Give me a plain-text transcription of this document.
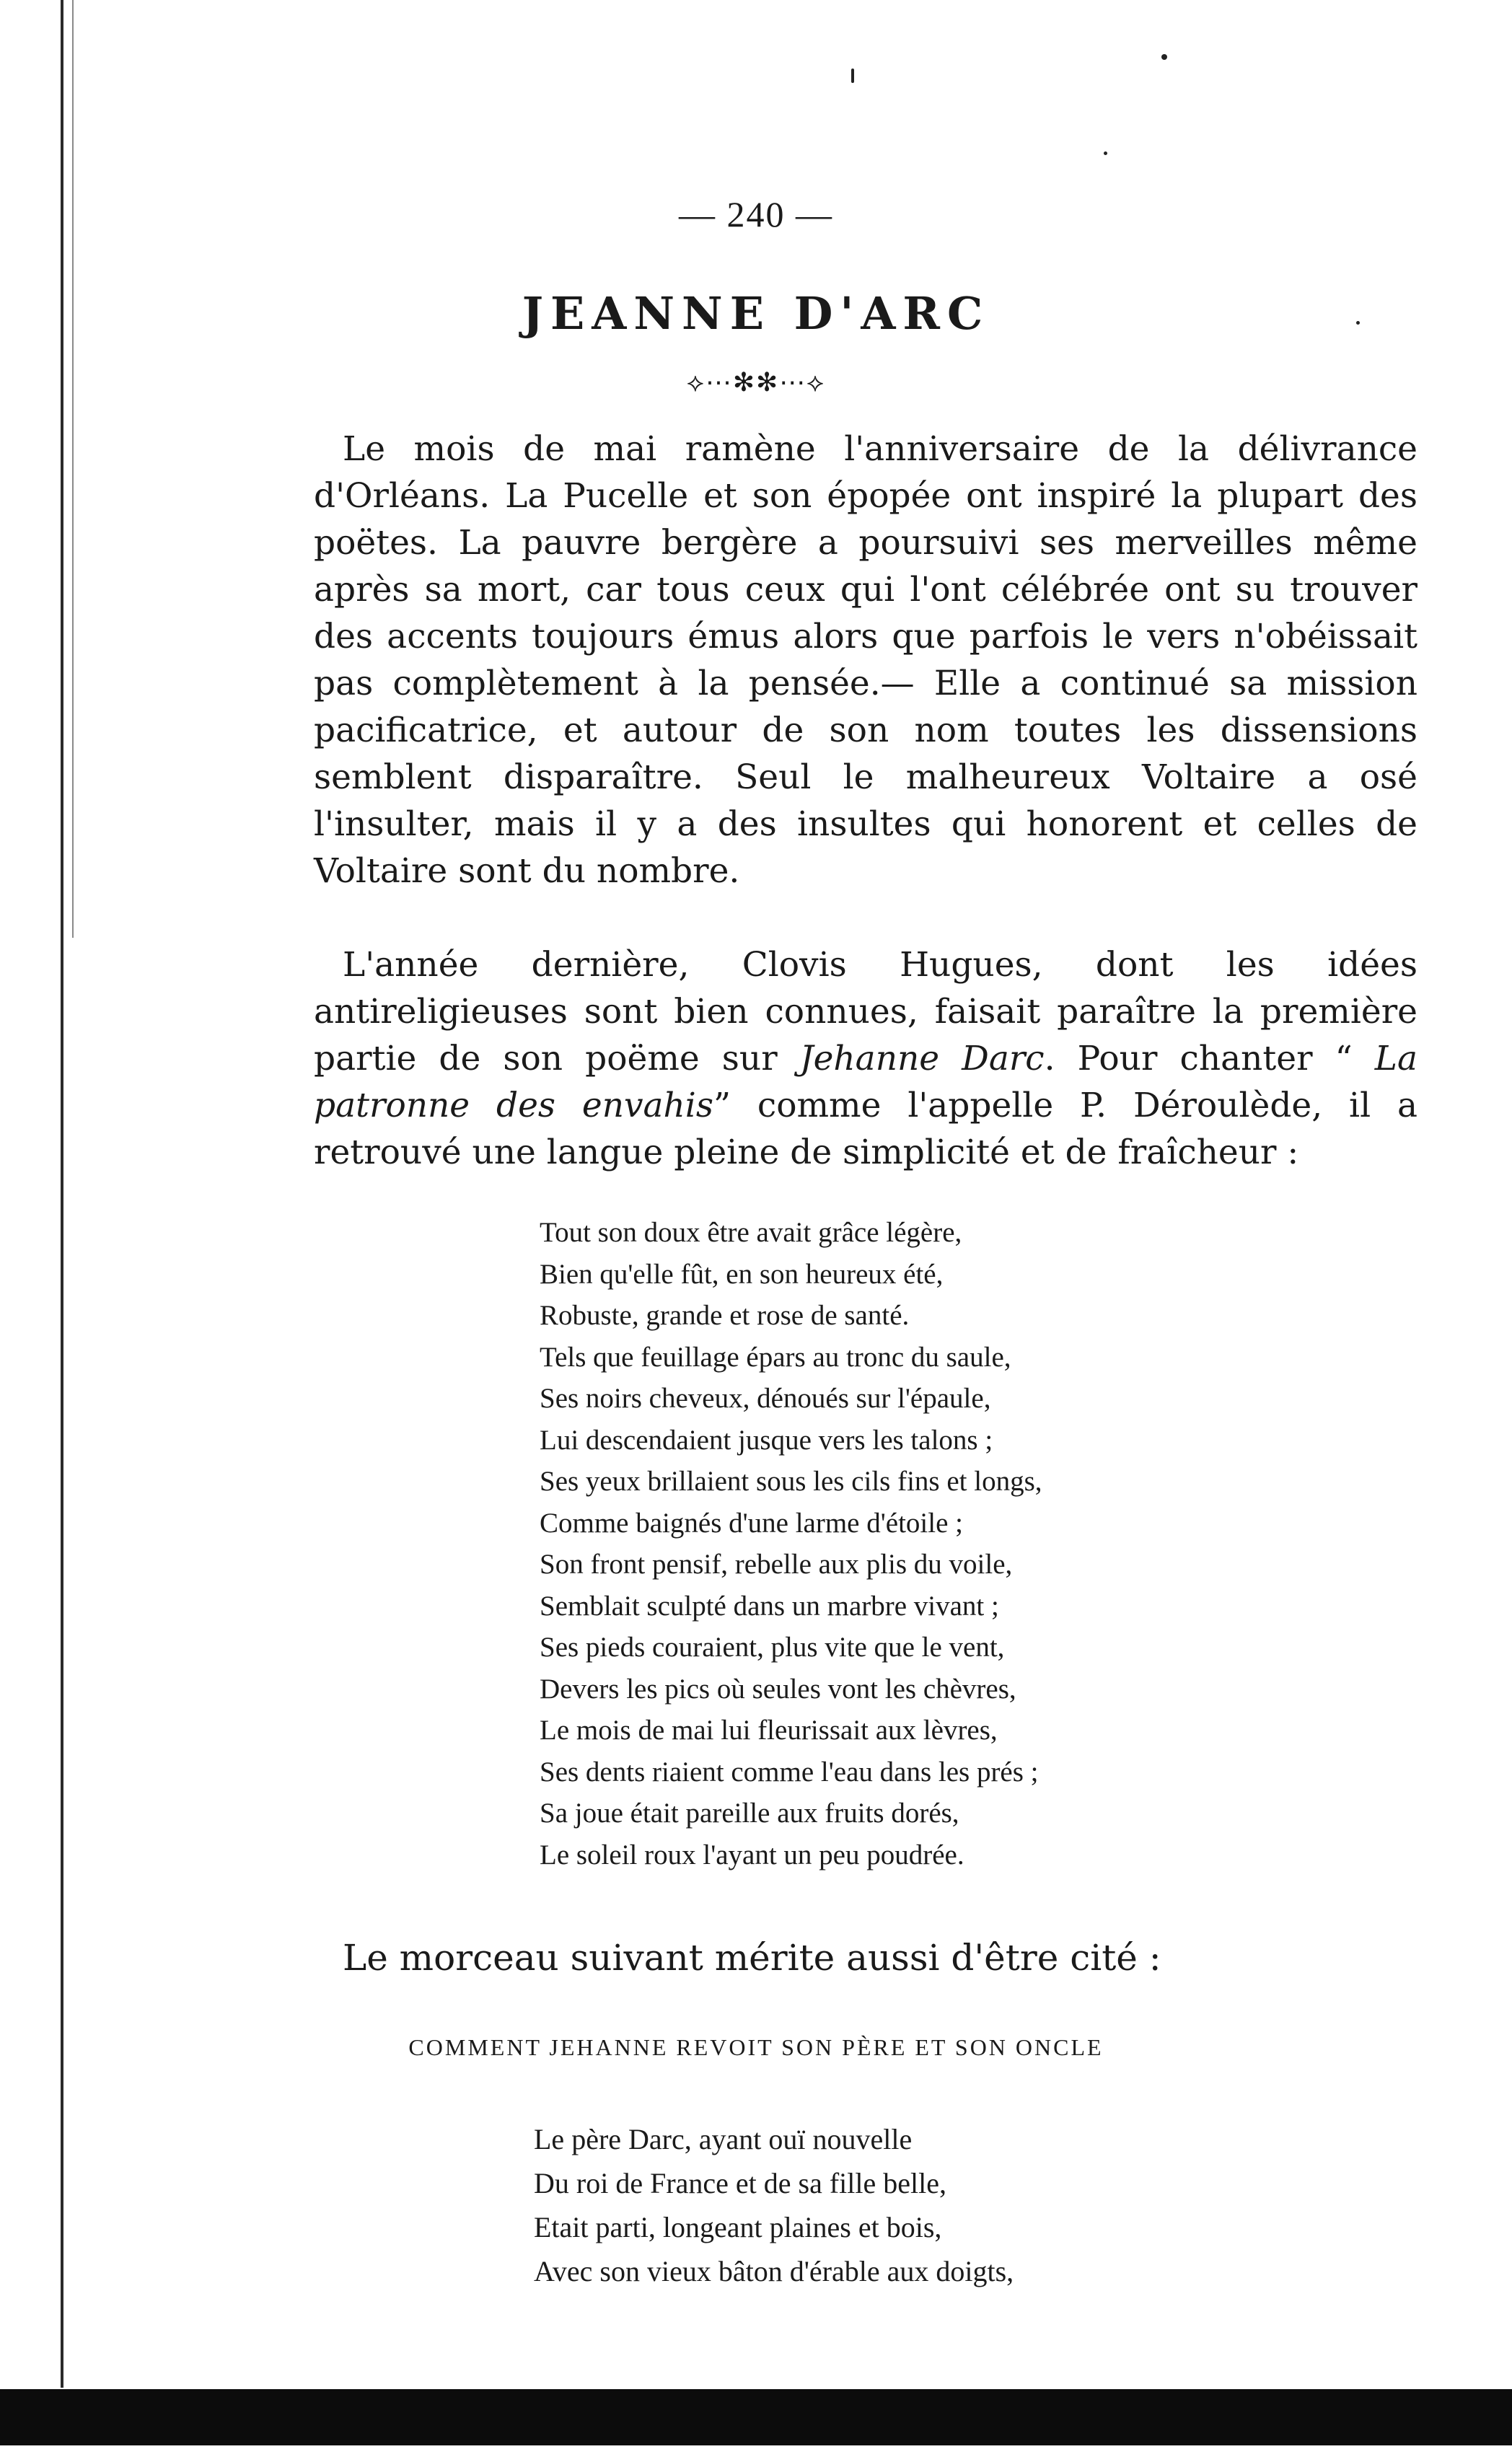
— 240 —
JEANNE D'ARC
⟡⋯✻✻⋯⟡

Le mois de mai ramène l'anniversaire de la délivrance d'Orléans. La Pucelle et son épopée ont inspiré la plupart des poëtes. La pauvre bergère a poursuivi ses merveilles même après sa mort, car tous ceux qui l'ont célébrée ont su trouver des accents toujours émus alors que parfois le vers n'obéissait pas complètement à la pensée.— Elle a continué sa mission pacificatrice, et autour de son nom toutes les dissensions semblent disparaître. Seul le malheureux Voltaire a osé l'insulter, mais il y a des insultes qui honorent et celles de Voltaire sont du nombre.

L'année dernière, Clovis Hugues, dont les idées antireligieuses sont bien connues, faisait paraître la première partie de son poëme sur Jehanne Darc. Pour chanter “ La patronne des envahis” comme l'appelle P. Déroulède, il a retrouvé une langue pleine de simplicité et de fraîcheur :

Tout son doux être avait grâce légère,
Bien qu'elle fût, en son heureux été,
Robuste, grande et rose de santé.
Tels que feuillage épars au tronc du saule,
Ses noirs cheveux, dénoués sur l'épaule,
Lui descendaient jusque vers les talons ;
Ses yeux brillaient sous les cils fins et longs,
Comme baignés d'une larme d'étoile ;
Son front pensif, rebelle aux plis du voile,
Semblait sculpté dans un marbre vivant ;
Ses pieds couraient, plus vite que le vent,
Devers les pics où seules vont les chèvres,
Le mois de mai lui fleurissait aux lèvres,
Ses dents riaient comme l'eau dans les prés ;
Sa joue était pareille aux fruits dorés,
Le soleil roux l'ayant un peu poudrée.
Le morceau suivant mérite aussi d'être cité :
COMMENT JEHANNE REVOIT SON PÈRE ET SON ONCLE
Le père Darc, ayant ouï nouvelle
Du roi de France et de sa fille belle,
Etait parti, longeant plaines et bois,
Avec son vieux bâton d'érable aux doigts,
